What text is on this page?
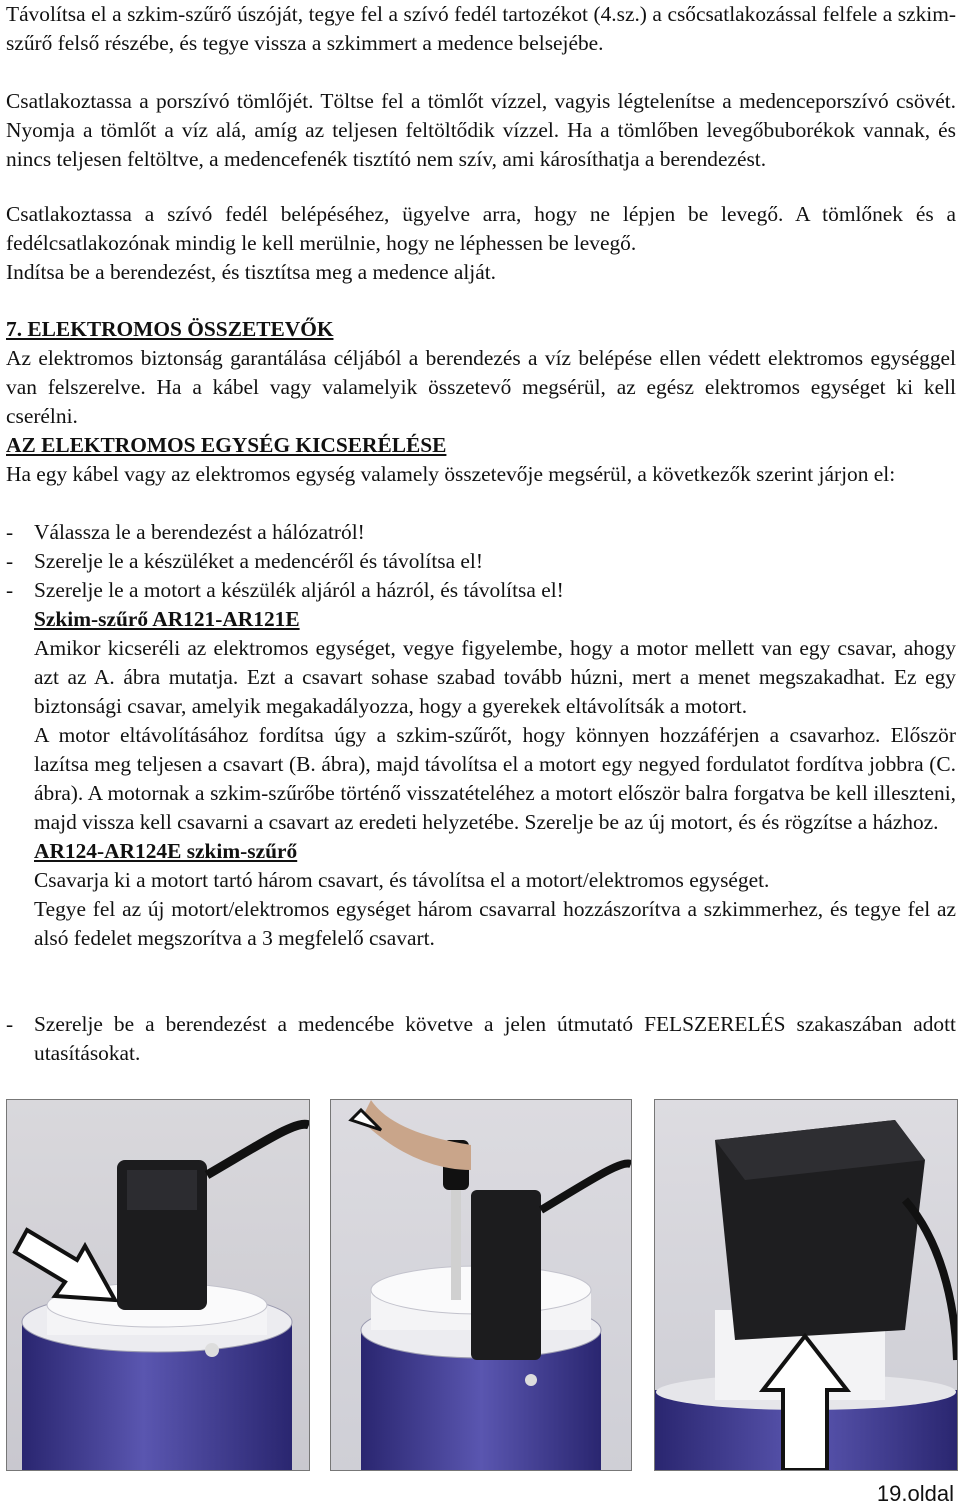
Távolítsa el a szkim-szűrő úszóját, tegye fel a szívó fedél tartozékot (4.sz.) a csőcsatlakozással felfele a szkim-szűrő felső részébe, és tegye vissza a szkimmert a medence belsejébe.

Csatlakoztassa a porszívó tömlőjét. Töltse fel a tömlőt vízzel, vagyis légtelenítse a medenceporszívó csövét. Nyomja a tömlőt a víz alá, amíg az teljesen feltöltődik vízzel. Ha a tömlőben levegőbuborékok vannak, és nincs teljesen feltöltve, a medencefenék tisztító nem szív, ami károsíthatja a berendezést.

Csatlakoztassa a szívó fedél belépéséhez, ügyelve arra, hogy ne lépjen be levegő. A tömlőnek és a fedélcsatlakozónak mindig le kell merülnie, hogy ne léphessen be levegő.

Indítsa be a berendezést, és tisztítsa meg a medence alját.

7. ELEKTROMOS ÖSSZETEVŐK

Az elektromos biztonság garantálása céljából a berendezés a víz belépése ellen védett elektromos egységgel van felszerelve. Ha a kábel vagy valamelyik összetevő megsérül, az egész elektromos egységet ki kell cserélni.

AZ ELEKTROMOS EGYSÉG KICSERÉLÉSE

Ha egy kábel vagy az elektromos egység valamely összetevője megsérül, a következők szerint járjon el:

- Válassza le a berendezést a hálózatról!
- Szerelje le a készüléket a medencéről és távolítsa el!
- Szerelje le a motort a készülék aljáról a házról, és távolítsa el!
Szkim-szűrő AR121-AR121E

Amikor kicseréli az elektromos egységet, vegye figyelembe, hogy a motor mellett van egy csavar, ahogy azt az A. ábra mutatja. Ezt a csavart sohase szabad tovább húzni, mert a menet megszakadhat. Ez egy biztonsági csavar, amelyik megakadályozza, hogy a gyerekek eltávolítsák a motort.

A motor eltávolításához fordítsa úgy a szkim-szűrőt, hogy könnyen hozzáférjen a csavarhoz. Először lazítsa meg teljesen a csavart (B. ábra), majd távolítsa el a motort egy negyed fordulatot fordítva jobbra (C. ábra). A motornak a szkim-szűrőbe történő visszatételéhez a motort először balra forgatva be kell illeszteni, majd vissza kell csavarni a csavart az eredeti helyzetébe. Szerelje be az új motort, és és rögzítse a házhoz.

AR124-AR124E szkim-szűrő

Csavarja ki a motort tartó három csavart, és távolítsa el a motort/elektromos egységet.

Tegye fel az új motort/elektromos egységet három csavarral hozzászorítva a szkimmerhez, és tegye fel az alsó fedelet megszorítva a 3 megfelelő csavart.

- Szerelje be a berendezést a medencébe követve a jelen útmutató FELSZERELÉS szakaszában adott utasításokat.
19.oldal
